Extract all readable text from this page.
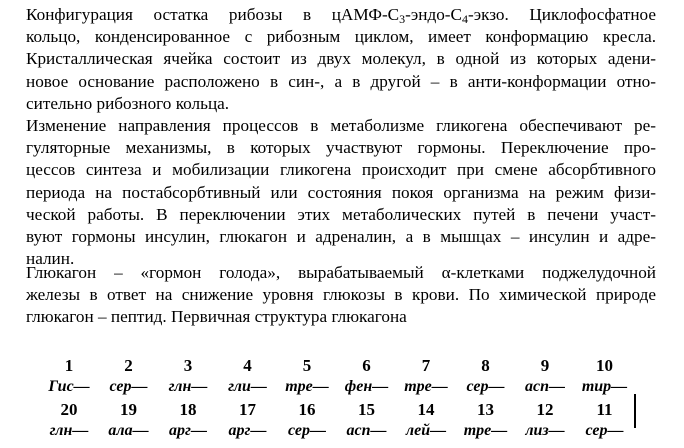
Конфигурация остатка рибозы в цАМФ-$С_3-эндо-С_4$-экзо. Циклофосфатное
кольцо, конденсированное с рибозным циклом, имеет конформацию кресла.
Кристаллическая ячейка состоит из двух молекул, в одной из которых адени-
новое основание расположено в син-, а в другой – в анти-конформации отно-
сительно рибозного кольца.
Изменение направления процессов в метаболизме гликогена обеспечивают ре-
гуляторные механизмы, в которых участвуют гормоны. Переключение про-
цессов синтеза и мобилизации гликогена происходит при смене абсорбтивного
периода на постабсорбтивный или состояния покоя организма на режим физи-
ческой работы. В переключении этих метаболических путей в печени участ-
вуют гормоны инсулин, глюкагон и адреналин, а в мышцах – инсулин и адре-
налин.
Глюкагон – «гормон голода», вырабатываемый α-клетками поджелудочной
железы в ответ на снижение уровня глюкозы в крови. По химической природе
глюкагон – пептид. Первичная структура глюкагона
1	2	3	4	5	6	7	8	9	10
Гис—	сер—	глн—	гли—	тре—	фен—	тре—	сер—	асп—	тир—
20	19	18	17	16	15	14	13	12	11
глн—	ала—	арг—	арг—	сер—	асп—	лей—	тре—	лиз—	сер—
